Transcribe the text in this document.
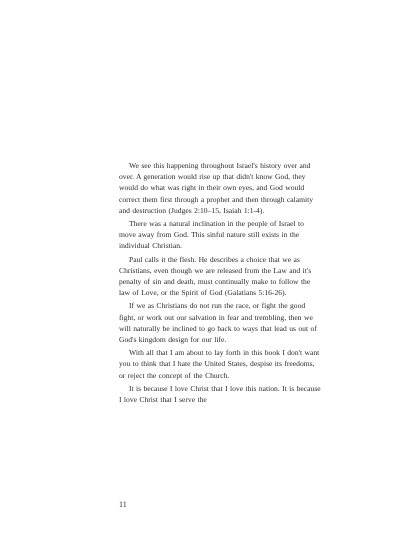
We see this happening throughout Israel's history over and over. A generation would rise up that didn't know God, they would do what was right in their own eyes, and God would correct them first through a prophet and then through calamity and destruction (Judges 2:10–15, Isaiah 1:1-4).

There was a natural inclination in the people of Israel to move away from God. This sinful nature still exists in the individual Christian.

Paul calls it the flesh. He describes a choice that we as Christians, even though we are released from the Law and it's penalty of sin and death, must continually make to follow the law of Love, or the Spirit of God (Galatians 5:16-26).

If we as Christians do not run the race, or fight the good fight, or work out our salvation in fear and trembling, then we will naturally be inclined to go back to ways that lead us out of God's kingdom design for our life.

With all that I am about to lay forth in this book I don't want you to think that I hate the United States, despise its freedoms, or reject the concept of the Church.

It is because I love Christ that I love this nation. It is because I love Christ that I serve the

11
